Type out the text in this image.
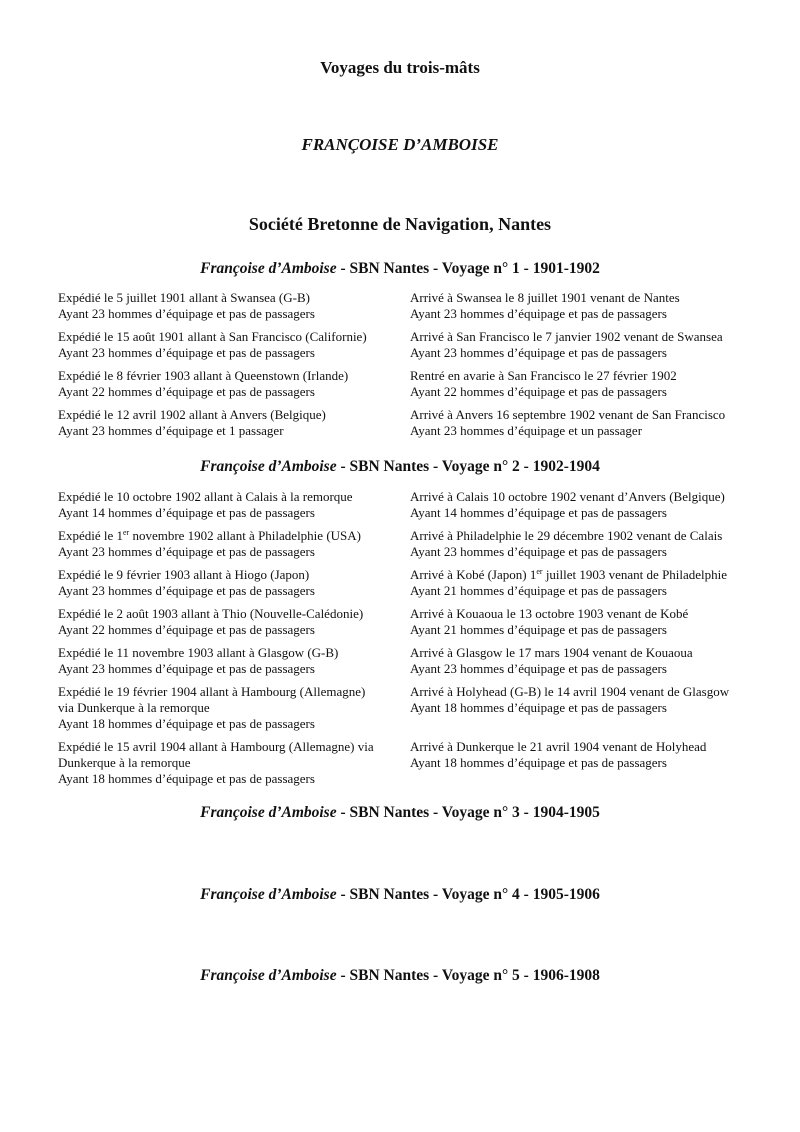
Voyages du trois-mâts
FRANÇOISE D’AMBOISE
Société Bretonne de Navigation, Nantes
Françoise d’Amboise - SBN Nantes - Voyage n° 1 - 1901-1902
Expédié le 5 juillet 1901 allant à Swansea (G-B)
Ayant 23 hommes d’équipage et pas de passagers
Arrivé à Swansea le 8 juillet 1901 venant de Nantes
Ayant 23 hommes d’équipage et pas de passagers
Expédié le 15 août 1901 allant à San Francisco (Californie)
Ayant 23 hommes d’équipage et pas de passagers
Arrivé à San Francisco le 7 janvier 1902 venant de Swansea
Ayant 23 hommes d’équipage et pas de passagers
Expédié le 8 février 1903 allant à Queenstown (Irlande)
Ayant 22 hommes d’équipage et pas de passagers
Rentré en avarie à San Francisco le 27 février 1902
Ayant 22 hommes d’équipage et pas de passagers
Expédié le 12 avril 1902 allant à Anvers (Belgique)
Ayant 23 hommes d’équipage et 1 passager
Arrivé à Anvers 16 septembre 1902 venant de San Francisco
Ayant 23 hommes d’équipage et un passager
Françoise d’Amboise - SBN Nantes - Voyage n° 2 - 1902-1904
Expédié le 10 octobre 1902 allant à Calais à la remorque
Ayant 14 hommes d’équipage et pas de passagers
Arrivé à Calais 10 octobre 1902 venant d’Anvers (Belgique)
Ayant 14 hommes d’équipage et pas de passagers
Expédié le 1er novembre 1902 allant à Philadelphie (USA)
Ayant 23 hommes d’équipage et pas de passagers
Arrivé à Philadelphie le 29 décembre 1902 venant de Calais
Ayant 23 hommes d’équipage et pas de passagers
Expédié le 9 février 1903 allant à Hiogo (Japon)
Ayant 23 hommes d’équipage et pas de passagers
Arrivé à Kobé (Japon) 1er juillet 1903 venant de Philadelphie
Ayant 21 hommes d’équipage et pas de passagers
Expédié le 2 août 1903 allant à Thio (Nouvelle-Calédonie)
Ayant 22 hommes d’équipage et pas de passagers
Arrivé à Kouaoua le 13 octobre 1903 venant de Kobé
Ayant 21 hommes d’équipage et pas de passagers
Expédié le 11 novembre 1903 allant à Glasgow (G-B)
Ayant 23 hommes d’équipage et pas de passagers
Arrivé à Glasgow le 17 mars 1904 venant de Kouaoua
Ayant 23 hommes d’équipage et pas de passagers
Expédié le 19 février 1904 allant à Hambourg (Allemagne)
via Dunkerque à la remorque
Ayant 18 hommes d’équipage et pas de passagers
Arrivé à Holyhead (G-B) le 14 avril 1904 venant de Glasgow
Ayant 18 hommes d’équipage et pas de passagers
Expédié le 15 avril 1904 allant à Hambourg (Allemagne) via
Dunkerque à la remorque
Ayant 18 hommes d’équipage et pas de passagers
Arrivé à Dunkerque le 21 avril 1904 venant de Holyhead
Ayant 18 hommes d’équipage et pas de passagers
Françoise d’Amboise - SBN Nantes - Voyage n° 3 - 1904-1905
Françoise d’Amboise - SBN Nantes - Voyage n° 4 - 1905-1906
Françoise d’Amboise - SBN Nantes - Voyage n° 5 - 1906-1908
